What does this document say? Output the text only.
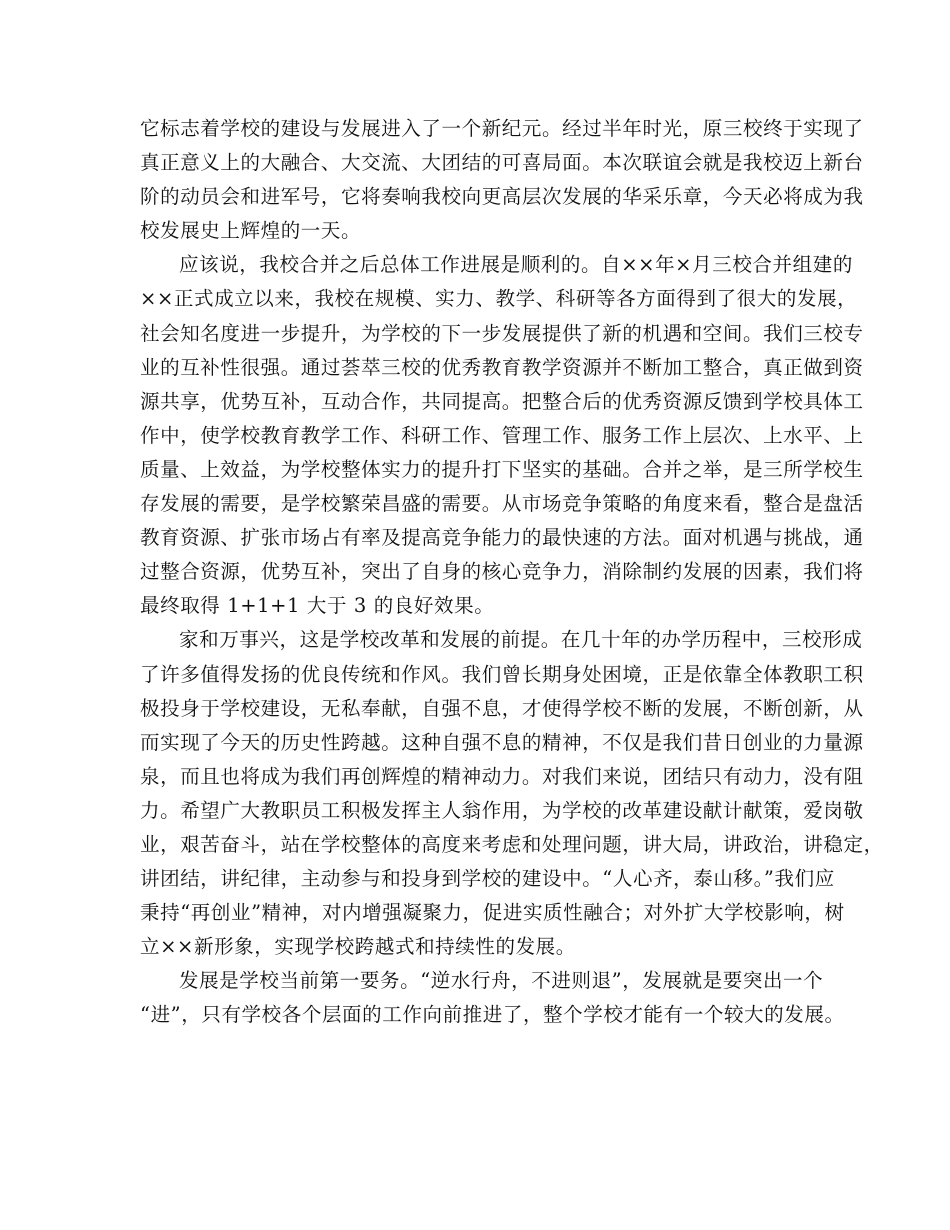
它标志着学校的建设与发展进入了一个新纪元。经过半年时光，原三校终于实现了
真正意义上的大融合、大交流、大团结的可喜局面。本次联谊会就是我校迈上新台
阶的动员会和进军号，它将奏响我校向更高层次发展的华采乐章，今天必将成为我
校发展史上辉煌的一天。
应该说，我校合并之后总体工作进展是顺利的。自××年×月三校合并组建的
××正式成立以来，我校在规模、实力、教学、科研等各方面得到了很大的发展，
社会知名度进一步提升，为学校的下一步发展提供了新的机遇和空间。我们三校专
业的互补性很强。通过荟萃三校的优秀教育教学资源并不断加工整合，真正做到资
源共享，优势互补，互动合作，共同提高。把整合后的优秀资源反馈到学校具体工
作中，使学校教育教学工作、科研工作、管理工作、服务工作上层次、上水平、上
质量、上效益，为学校整体实力的提升打下坚实的基础。合并之举，是三所学校生
存发展的需要，是学校繁荣昌盛的需要。从市场竞争策略的角度来看，整合是盘活
教育资源、扩张市场占有率及提高竞争能力的最快速的方法。面对机遇与挑战，通
过整合资源，优势互补，突出了自身的核心竞争力，消除制约发展的因素，我们将
最终取得 1+1+1 大于 3 的良好效果。
家和万事兴，这是学校改革和发展的前提。在几十年的办学历程中，三校形成
了许多值得发扬的优良传统和作风。我们曾长期身处困境，正是依靠全体教职工积
极投身于学校建设，无私奉献，自强不息，才使得学校不断的发展，不断创新，从
而实现了今天的历史性跨越。这种自强不息的精神，不仅是我们昔日创业的力量源
泉，而且也将成为我们再创辉煌的精神动力。对我们来说，团结只有动力，没有阻
力。希望广大教职员工积极发挥主人翁作用，为学校的改革建设献计献策，爱岗敬
业，艰苦奋斗，站在学校整体的高度来考虑和处理问题，讲大局，讲政治，讲稳定，
讲团结，讲纪律，主动参与和投身到学校的建设中。“人心齐，泰山移。”我们应
秉持“再创业”精神，对内增强凝聚力，促进实质性融合；对外扩大学校影响，树
立××新形象，实现学校跨越式和持续性的发展。
发展是学校当前第一要务。“逆水行舟，不进则退”，发展就是要突出一个
“进”，只有学校各个层面的工作向前推进了，整个学校才能有一个较大的发展。
